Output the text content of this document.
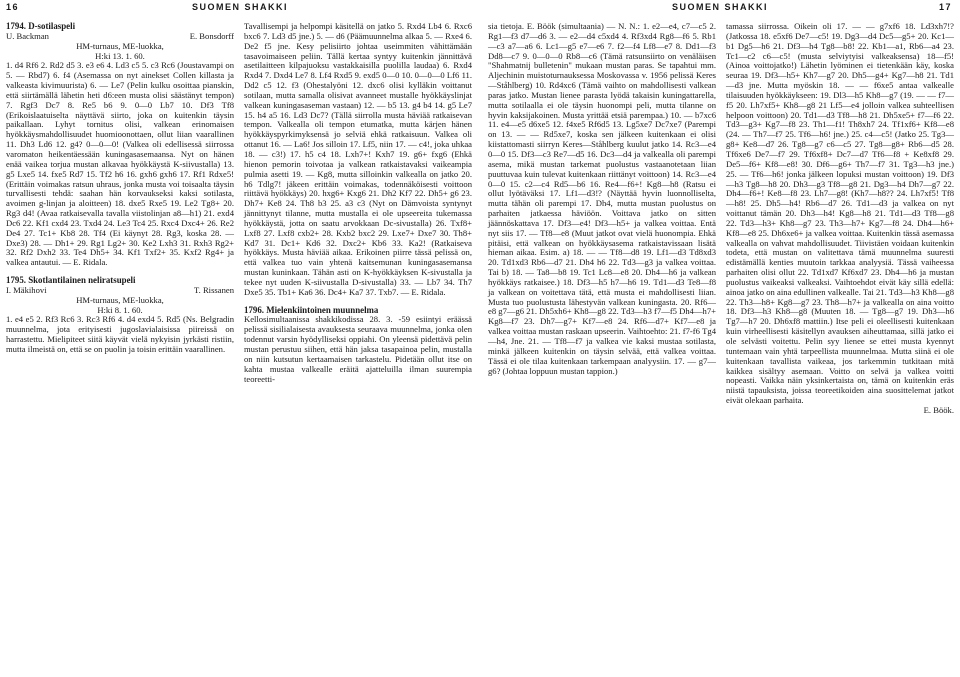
16	SUOMEN SHAKKI

1794. D-sotilaspeli

U. Backman	E. Bonsdorff
HM-turnaus, ME-luokka,
H:ki 13. 1. 60.

1. d4 Rf6 2. Rd2 d5 3. e3 e6 4. Ld3 c5 5. c3 Rc6 (Joustavampi on 5. — Rbd7) 6. f4 (Asemassa on nyt ainekset Collen killasta ja valkeasta kivimuurista) 6. — Le7 (Pelin kulku osoittaa pianskin, että siirtämällä lähetin heti d6:een musta olisi säästänyt tempon) 7. Rgf3 Dc7 8. Re5 b6 9. 0—0 Lb7 10. Df3 Tf8 (Erikoislaatuiselta näyttävä siirto, joka on kuitenkin täysin paikallaan. Lyhyt tornitus olisi, valkean erinomaisen hyökkäysmahdollisuudet huomioonottaen, ollut liian vaarallinen 11. Dh3 Ld6 12. g4? 0—0—0! (Valkea oli edellisessä siirrossa varomaton heikentäessään kuningasasemaansa. Nyt on hänen enää vaikea torjua mustan alkavaa hyökkäystä K-siivustalla) 13. g5 Lxe5 14. fxe5 Rd7 15. Tf2 h6 16. gxh6 gxh6 17. Rf1 Rdxe5! (Erittäin voimakas ratsun uhraus, jonka musta voi toisaalta täysin turvallisesti tehdä: saahan hän korvaukseksi kaksi sotilasta, avoimen g-linjan ja aloitteen) 18. dxe5 Rxe5 19. Le2 Tg8+ 20. Rg3 d4! (Avaa ratkaisevalla tavalla viistolinjan a8—h1) 21. exd4 Dc6 22. Kf1 cxd4 23. Txd4 24. Le3 Tc4 25. Rxc4 Dxc4+ 26. Re2 De4 27. Tc1+ Kb8 28. Tf4 (Ei käynyt 28. Rg3, koska 28. — Dxe3) 28. — Dh1+ 29. Rg1 Lg2+ 30. Ke2 Lxh3 31. Rxh3 Rg2+ 32. Rf2 Dxh2 33. Te4 Dh5+ 34. Kf1 Txf2+ 35. Kxf2 Rg4+ ja valkea antautui. — E. Ridala.

1795. Skotlantilainen neliratsupeli

I. Mäkihovi	T. Rissanen
HM-turnaus, ME-luokka,
H:ki 8. 1. 60.

1. e4 e5 2. Rf3 Rc6 3. Rc3 Rf6 4. d4 exd4 5. Rd5 (Ns. Belgradin muunnelma, jota erityisesti jugoslavialaisissa piireissä on harrastettu. Mielipiteet siitä käyvät vielä nykyisin jyrkästi ristiin, mutta ilmeistä on, että se on puolin ja toisin erittäin vaarallinen.

Tavallisempi ja helpompi käsitellä on jatko 5. Rxd4 Lb4 6. Rxc6 bxc6 7. Ld3 d5 jne.) 5. — d6 (Päämuunnelma alkaa 5. — Rxe4 6. De2 f5 jne. Kesy pelisiirto johtaa useimmiten vähittämään tasavoimaiseen peliin. Tällä kertaa syntyy kuitenkin jännittävä asetilaitteen kilpajuoksu vastakkaisilla puolilla laudaa) 6. Rxd4 Rxd4 7. Dxd4 Le7 8. Lf4 Rxd5 9. exd5 0—0 10. 0—0—0 Lf6 11. Dd2 c5 12. f3 (Ohestalyöni 12. dxc6 olisi kylläkin voittanut sotilaan, mutta samalla olisivat avanneet mustalle hyökkäyslinjat valkean kuningasaseman vastaan) 12. — b5 13. g4 b4 14. g5 Le7 15. h4 a5 16. Ld3 Dc7? (Tällä siirrolla musta häviää ratkaisevan tempon. Valkealla oli tempon etumatka, mutta kärjen hänen hyökkäyspyrkimyksensä jo selviä ehkä ratkaisuun. Valkea oli ottanut 16. — La6! Jos silloin 17. Lf5, niin 17. — c4!, joka uhkaa 18. — c3!) 17. h5 c4 18. Lxh7+! Kxh7 19. g6+ fxg6 (Ehkä hienon pemorin toivotaa ja valkean ratkaistavaksi vaikeampia pulmia asetti 19. — Kg8, mutta silloinkin valkealla on jatko 20. h6 Tdlg7! jäkeen erittäin voimakas, todennäköisesti voittoon riittävä hyökkäys) 20. hxg6+ Kxg6 21. Dh2 Kf7 22. Dh5+ g6 23. Dh7+ Ke8 24. Th8 b3 25. a3 c3 (Nyt on Dämvoista syntynyt jännittynyt tilanne, mutta mustalla ei ole upseereita tukemassa hyökkäystä, jotta on saatu arvokkaan Dc-sivustalla) 26. Txf8+ Lxf8 27. Lxf8 cxb2+ 28. Kxb2 bxc2 29. Lxe7+ Dxe7 30. Th8+ Kd7 31. Dc1+ Kd6 32. Dxc2+ Kb6 33. Ka2! (Ratkaiseva hyökkäys. Musta häviää aikaa. Erikoinen piirre tässä pelissä on, että valkea tuo vain yhtenä kaitsemunan kuningasasemansa mustan kuninkaan. Tähän asti on K-hyökkäyksen K-sivustalla ja tekee nyt uuden K-siivustalla D-sivustalla) 33. — Lb7 34. Th7 Dxe5 35. Tb1+ Ka6 36. Dc4+ Ka7 37. Txb7. — E. Ridala.

1796. Mielenkiintoinen muunnelma

Kellosimultaanissa shakkikodissa 28. 3. -59 esiintyi eräässä pelissä sisilialaisesta avauksesta seuraava muunnelma, jonka olen todennut varsin hyödylliseksi oppiahi. On yleensä pidettävä pelin mustan perustuu siihen, että hän jaksa tasapainoa pelin, mustalla on niin kutsutun kertaamaisen tarkastelu. Pidetään ollut itse on kahta mustaa valkealle eräitä ajatteluilla ilman suurempia teoreetti-

SUOMEN SHAKKI	17

sia tietoja. E. Böök (simultaania) — N. N.: 1. e2—e4, c7—c5 2. Rg1—f3 d7—d6 3. — e2—d4 c5xd4 4. Rf3xd4 Rg8—f6 5. Rb1—c3 a7—a6 6. Lc1—g5 e7—e6 7. f2—f4 Lf8—e7 8. Dd1—f3 Dd8—c7 9. 0—0—0 Rb8—c6 (Tämä ratsunsiirto on venäläisen "Shahmatnij bulletenin" mukaan mustan paras. Se tapahtui mm. Aljechinin muistoturnauksessa Moskovassa v. 1956 pelissä Keres—Ståhlberg) 10. Rd4xc6 (Tämä vaihto on mahdollisesti valkean paras jatko. Mustan lienee parasta lyödä takaisin kuningattarella, mutta sotilaalla ei ole täysin huonompi peli, mutta tilanne on hyvin kaksijakoinen. Musta yrittää etsiä parempaa.) 10. — b7xc6 11. e4—e5 d6xe5 12. f4xe5 Rf6d5 13. Lg5xe7 Dc7xe7 (Parempi on 13. — — Rd5xe7, koska sen jälkeen kuitenkaan ei olisi kiistattomasti siirryn Keres—Ståhlberg kuulut jatko 14. Rc3—e4 0—0 15. Df3—c3 Re7—d5 16. Dc3—d4 ja valkealla oli parempi asema, mikä mustan tarkemat puolustus vastaanotetaan liian puuttuvaa kuin tulevat kuitenkaan riittänyt voittoon) 14. Rc3—e4 0—0 15. c2—c4 Rd5—b6 16. Re4—f6+! Kg8—h8 (Ratsu ei ollut lyötäväksi 17. Lf1—d3!? (Näyttää hyvin luonnolliselta, mutta tähän oli parempi 17. Dh4, mutta mustan puolustus on parhaiten jatkaessa häviöön. Voittava jatko on sitten jäännöskattava 17. Df3—e4! Df3—h5+ ja valkea voittaa. Entä nyt siis 17. — Tf8—e8 (Muut jatkot ovat vielä huonompia. Ehkä pitäisi, että valkean on hyökkäysasema ratkaistavissaan lisätä hieman aikaa. Esim. a) 18. — — Tf8—d8 19. Lf1—d3 Td8xd3 20. Td1xd3 Rb6—d7 21. Dh4 h6 22. Td3—g3 ja valkea voittaa. Tai b) 18. — Ta8—b8 19. Tc1 Lc8—e8 20. Dh4—h6 ja valkean hyökkäys ratkaisee.) 18. Df3—h5 h7—h6 19. Td1—d3 Te8—f8 ja valkean on voitettava tätä, että musta ei mahdollisesti liian. Musta tuo puolustusta lähestyvän valkean kuningasta. 20. Rf6—e8 g7—g6 21. Dh5xh6+ Kh8—g8 22. Td3—h3 f7—f5 Dh4—h7+ Kg8—f7 23. Dh7—g7+ Kf7—e8 24. Rf6—d7+ Kf7—e8 ja valkea voittaa mustan raskaan upseerin. Vaihtoehto: 21. f7-f6 Tg4—h4, Jne. 21. — Tf8—f7 ja valkea vie kaksi mustaa sotilasta, minkä jälkeen kuitenkin on täysin selvää, että valkea voittaa. Tässä ei ole tilaa kuitenkaan tarkempaan analyysiin. 17. — g7—g6? (Johtaa loppuun mustan tappion.)

tamassa siirrossa. Oikein oli 17. — — g7xf6 18. Ld3xh7!? (Jatkossa 18. e5xf6 De7—c5! 19. Dg3—d4 Dc5—g5+ 20. Kc1—b1 Dg5—h6 21. Df3—h4 Tg8—b8! 22. Kb1—a1, Rb6—a4 23. Tc1—c2 c6—c5! (musta selviytyisi valkeaksensa) 18—f5! (Ainoa voittojatko!) Lähetin lyöminen ei tietenkään käy, koska seuraa 19. Df3—h5+ Kh7—g7 20. Dh5—g4+ Kg7—h8 21. Td1—d3 jne. Mutta myöskin 18. — — f6xe5 antaa valkealle tilaisuuden hyökkäykseen: 19. Dl3—h5 Kh8—g7 (19. — — f7—f5 20. Lh7xf5+ Kh8—g8 21 Lf5—e4 jolloin valkea suhteellisen helpoon voittoon) 20. Td1—d3 Tf8—h8 21. Dh5xe5+ f7—f6 22. Td3—g3+ Kg7—f8 23. Th1—f1! Th8xh7 24. Tf1xf6+ Kf8—e8 (24. — Th7—f7 25. Tf6—h6! jne.) 25. c4—c5! (Jatko 25. Tg3—g8+ Ke8—d7 26. Tg8—g7 c6—c5 27. Tg8—g8+ Rb6—d5 28. Tf6xe6 De7—f7 29. Tf6xf8+ Dc7—d7 Tf6—f8 + Ke8xf8 29. De5—f6+ Kf8—e8! 30. Df6—g6+ Th7—f7 31. Tg3—h3 jne.) 25. — Tf6—h6! jonka jälkeen lopuksi mustan voittoon) 19. Df3—h3 Tg8—h8 20. Dh3—g3 Tf8—g8 21. Dg3—h4 Dh7—g7 22. Dh4—f6+! Ke8—f8 23. Lh7—g8! (Kh7—h8?? 24. Lh7xf5! Tf8—h8! 25. Dh5—h4! Rb6—d7 26. Td1—d3 ja valkea on nyt voittanut tämän 20. Dh3—h4! Kg8—h8 21. Td1—d3 Tf8—g8 22. Td3—h3+ Kh8—g7 23. Th3—h7+ Kg7—f8 24. Dh4—h6+ Kf8—e8 25. Dh6xe6+ ja valkea voittaa. Kuitenkin tässä asemassa valkealla on vahvat mahdollisuudet. Tiivistäen voidaan kuitenkin todeta, että mustan on valitettava tämä muunnelma suuresti edistämällä kenties muutoin tarkkaa analyysiä. Tässä vaiheessa parhaiten olisi ollut 22. Td1xd7 Kf6xd7 23. Dh4—h6 ja mustan puolustus vaikeaksi valkeaksi. Vaihtoehdot eivät käy sillä edellä: ainoa jatko on aina edullinen valkealle. Tai 21. Td3—h3 Kh8—g8 22. Th3—h8+ Kg8—g7 23. Th8—h7+ ja valkealla on aina voitto 18. Df3—h3 Kh8—g8 (Muuten 18. — Tg8—g7 19. Dh3—h6 Tg7—h7 20. Dh6xf8 mattiin.) Itse peli ei oleellisesti kuitenkaan kuin virheellisesti käsitellyn avauksen aiheuttamaa, sillä jatko ei ole selvästi voitettu. Pelin syy lienee se ettei musta kyennyt tuntemaan vain yhtä tarpeellista muunnelmaa. Mutta siinä ei ole kuitenkaan tavallista vaikeaa, jos tarkemmin tutkitaan mitä kaikkea sisältyy asemaan. Voitto on selvä ja valkea voitti nopeasti. Vaikka näin yksinkertaista on, tämä on kuitenkin eräs niistä tapauksista, joissa teoreetikoiden aina suosittelemat jatkot eivät olekaan parhaita.

E. Böök.
